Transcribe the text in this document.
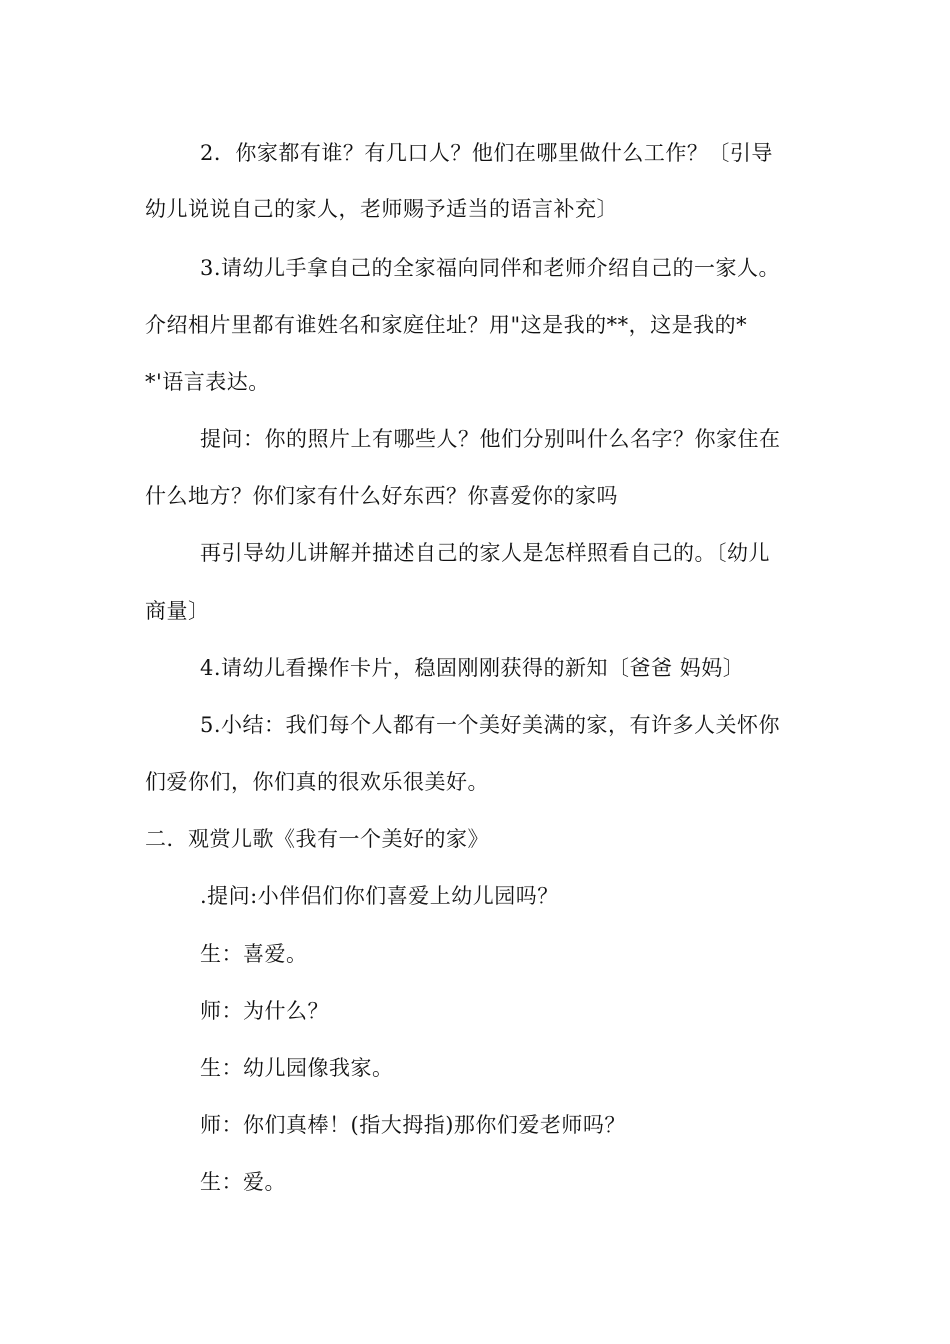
2．你家都有谁？有几口人？他们在哪里做什么工作？〔引导
幼儿说说自己的家人，老师赐予适当的语言补充〕
3.请幼儿手拿自己的全家福向同伴和老师介绍自己的一家人。
介绍相片里都有谁姓名和家庭住址？用"这是我的**，这是我的*
*'语言表达。
提问：你的照片上有哪些人？他们分别叫什么名字？你家住在
什么地方？你们家有什么好东西？你喜爱你的家吗
再引导幼儿讲解并描述自己的家人是怎样照看自己的。〔幼儿
商量〕
4.请幼儿看操作卡片，稳固刚刚获得的新知〔爸爸 妈妈〕
5.小结：我们每个人都有一个美好美满的家，有许多人关怀你
们爱你们，你们真的很欢乐很美好。
二．观赏儿歌《我有一个美好的家》
.提问:小伴侣们你们喜爱上幼儿园吗？
生：喜爱。
师：为什么？
生：幼儿园像我家。
师：你们真棒！(指大拇指)那你们爱老师吗？
生：爱。
